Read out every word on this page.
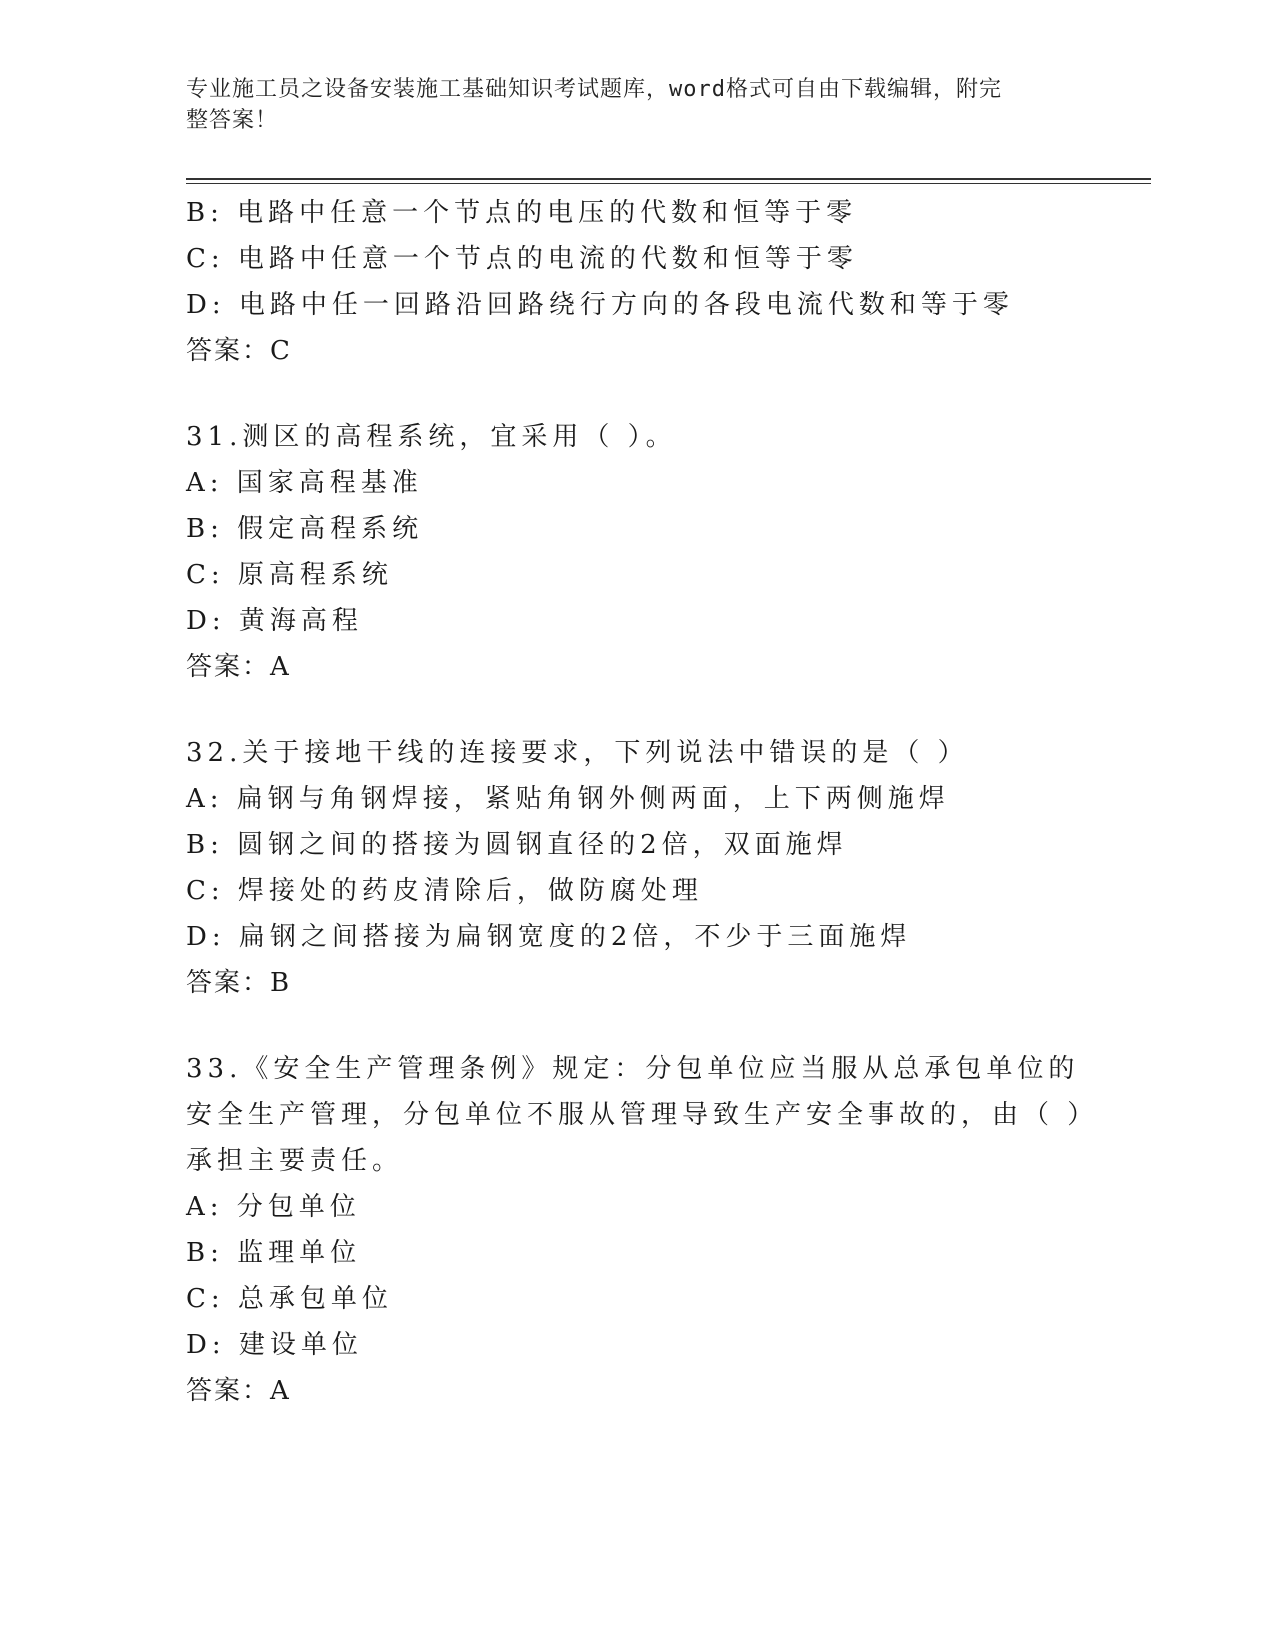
专业施工员之设备安装施工基础知识考试题库，word格式可自由下载编辑，附完
整答案！
B: 电路中任意一个节点的电压的代数和恒等于零
C: 电路中任意一个节点的电流的代数和恒等于零
D: 电路中任一回路沿回路绕行方向的各段电流代数和等于零
答案：C
31.测区的高程系统，宜采用（ ）。
A: 国家高程基准
B: 假定高程系统
C: 原高程系统
D: 黄海高程
答案：A
32.关于接地干线的连接要求，下列说法中错误的是（ ）
A: 扁钢与角钢焊接，紧贴角钢外侧两面，上下两侧施焊
B: 圆钢之间的搭接为圆钢直径的2倍，双面施焊
C: 焊接处的药皮清除后，做防腐处理
D: 扁钢之间搭接为扁钢宽度的2倍，不少于三面施焊
答案：B
33.《安全生产管理条例》规定：分包单位应当服从总承包单位的安全生产管理，分包单位不服从管理导致生产安全事故的，由（ ）承担主要责任。
A: 分包单位
B: 监理单位
C: 总承包单位
D: 建设单位
答案：A
